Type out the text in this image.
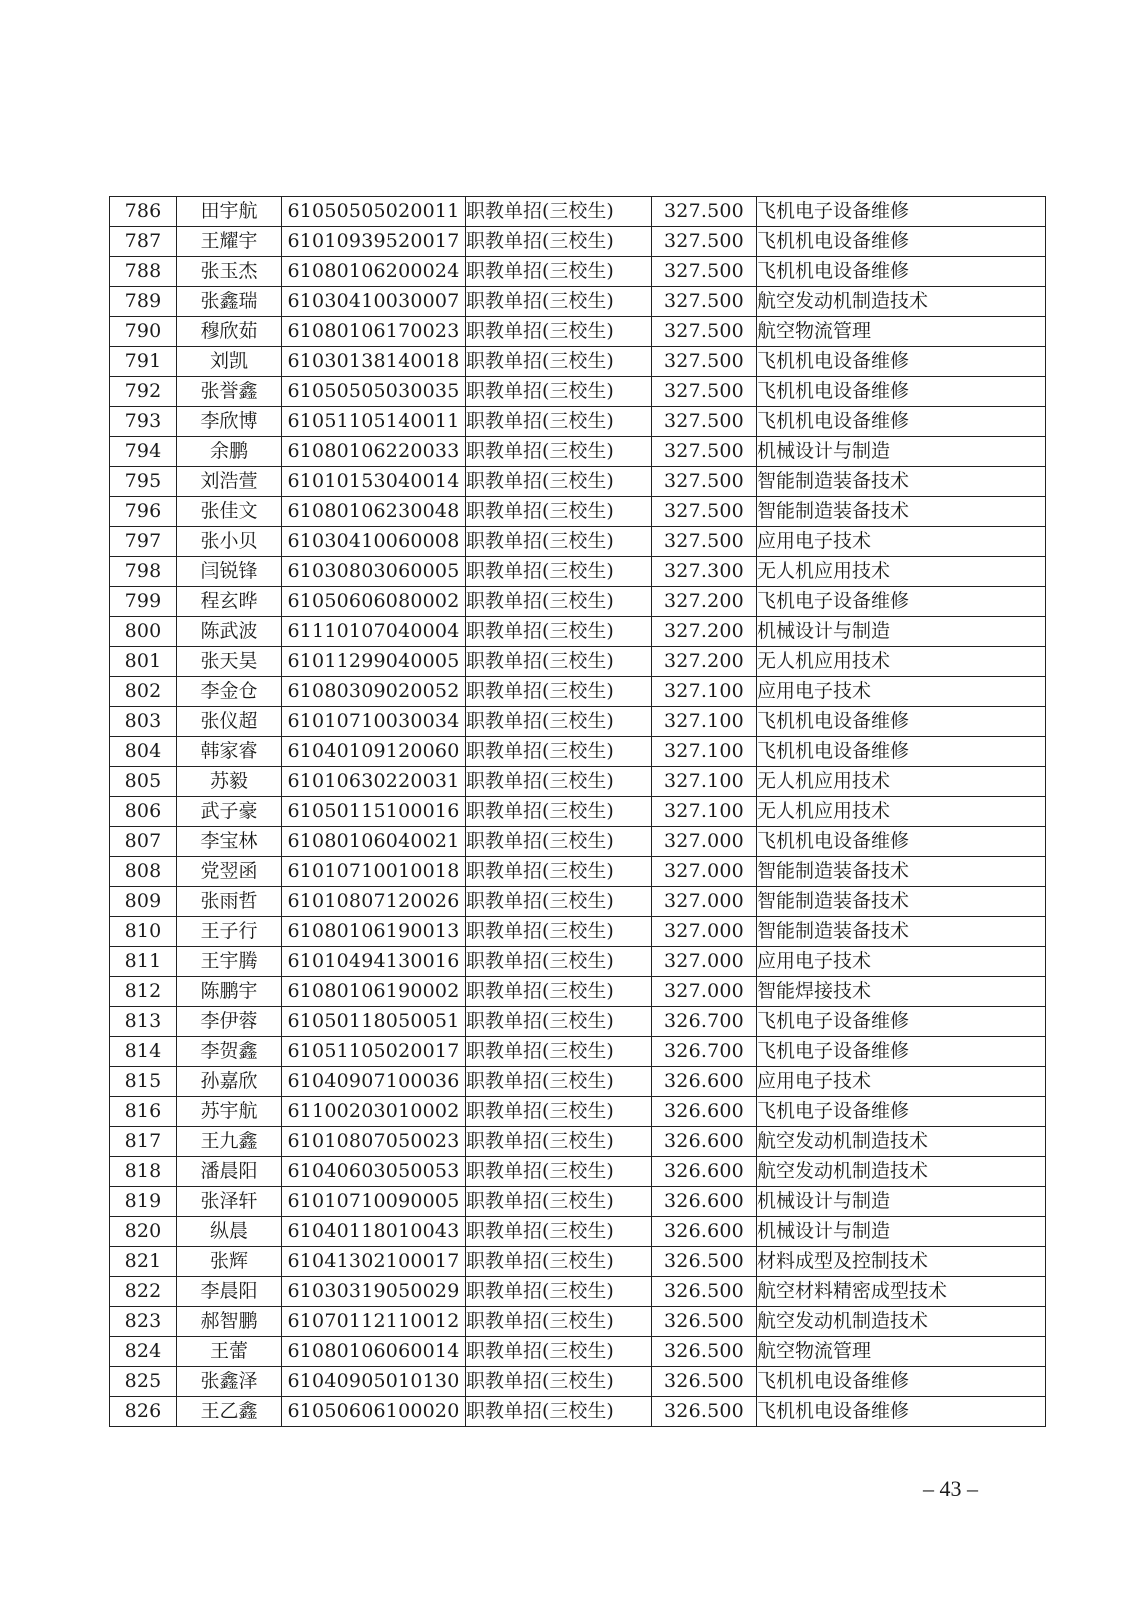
786	田宇航	61050505020011	职教单招(三校生)	327.500	飞机电子设备维修
787	王耀宇	61010939520017	职教单招(三校生)	327.500	飞机机电设备维修
788	张玉杰	61080106200024	职教单招(三校生)	327.500	飞机机电设备维修
789	张鑫瑞	61030410030007	职教单招(三校生)	327.500	航空发动机制造技术
790	穆欣茹	61080106170023	职教单招(三校生)	327.500	航空物流管理
791	刘凯	61030138140018	职教单招(三校生)	327.500	飞机机电设备维修
792	张誉鑫	61050505030035	职教单招(三校生)	327.500	飞机机电设备维修
793	李欣博	61051105140011	职教单招(三校生)	327.500	飞机机电设备维修
794	余鹏	61080106220033	职教单招(三校生)	327.500	机械设计与制造
795	刘浩萱	61010153040014	职教单招(三校生)	327.500	智能制造装备技术
796	张佳文	61080106230048	职教单招(三校生)	327.500	智能制造装备技术
797	张小贝	61030410060008	职教单招(三校生)	327.500	应用电子技术
798	闫锐锋	61030803060005	职教单招(三校生)	327.300	无人机应用技术
799	程玄晔	61050606080002	职教单招(三校生)	327.200	飞机电子设备维修
800	陈武波	61110107040004	职教单招(三校生)	327.200	机械设计与制造
801	张天昊	61011299040005	职教单招(三校生)	327.200	无人机应用技术
802	李金仓	61080309020052	职教单招(三校生)	327.100	应用电子技术
803	张仪超	61010710030034	职教单招(三校生)	327.100	飞机机电设备维修
804	韩家睿	61040109120060	职教单招(三校生)	327.100	飞机机电设备维修
805	苏毅	61010630220031	职教单招(三校生)	327.100	无人机应用技术
806	武子豪	61050115100016	职教单招(三校生)	327.100	无人机应用技术
807	李宝林	61080106040021	职教单招(三校生)	327.000	飞机机电设备维修
808	党翌函	61010710010018	职教单招(三校生)	327.000	智能制造装备技术
809	张雨哲	61010807120026	职教单招(三校生)	327.000	智能制造装备技术
810	王子行	61080106190013	职教单招(三校生)	327.000	智能制造装备技术
811	王宇腾	61010494130016	职教单招(三校生)	327.000	应用电子技术
812	陈鹏宇	61080106190002	职教单招(三校生)	327.000	智能焊接技术
813	李伊蓉	61050118050051	职教单招(三校生)	326.700	飞机电子设备维修
814	李贺鑫	61051105020017	职教单招(三校生)	326.700	飞机电子设备维修
815	孙嘉欣	61040907100036	职教单招(三校生)	326.600	应用电子技术
816	苏宇航	61100203010002	职教单招(三校生)	326.600	飞机电子设备维修
817	王九鑫	61010807050023	职教单招(三校生)	326.600	航空发动机制造技术
818	潘晨阳	61040603050053	职教单招(三校生)	326.600	航空发动机制造技术
819	张泽轩	61010710090005	职教单招(三校生)	326.600	机械设计与制造
820	纵晨	61040118010043	职教单招(三校生)	326.600	机械设计与制造
821	张辉	61041302100017	职教单招(三校生)	326.500	材料成型及控制技术
822	李晨阳	61030319050029	职教单招(三校生)	326.500	航空材料精密成型技术
823	郝智鹏	61070112110012	职教单招(三校生)	326.500	航空发动机制造技术
824	王蕾	61080106060014	职教单招(三校生)	326.500	航空物流管理
825	张鑫泽	61040905010130	职教单招(三校生)	326.500	飞机机电设备维修
826	王乙鑫	61050606100020	职教单招(三校生)	326.500	飞机机电设备维修
– 43 –
